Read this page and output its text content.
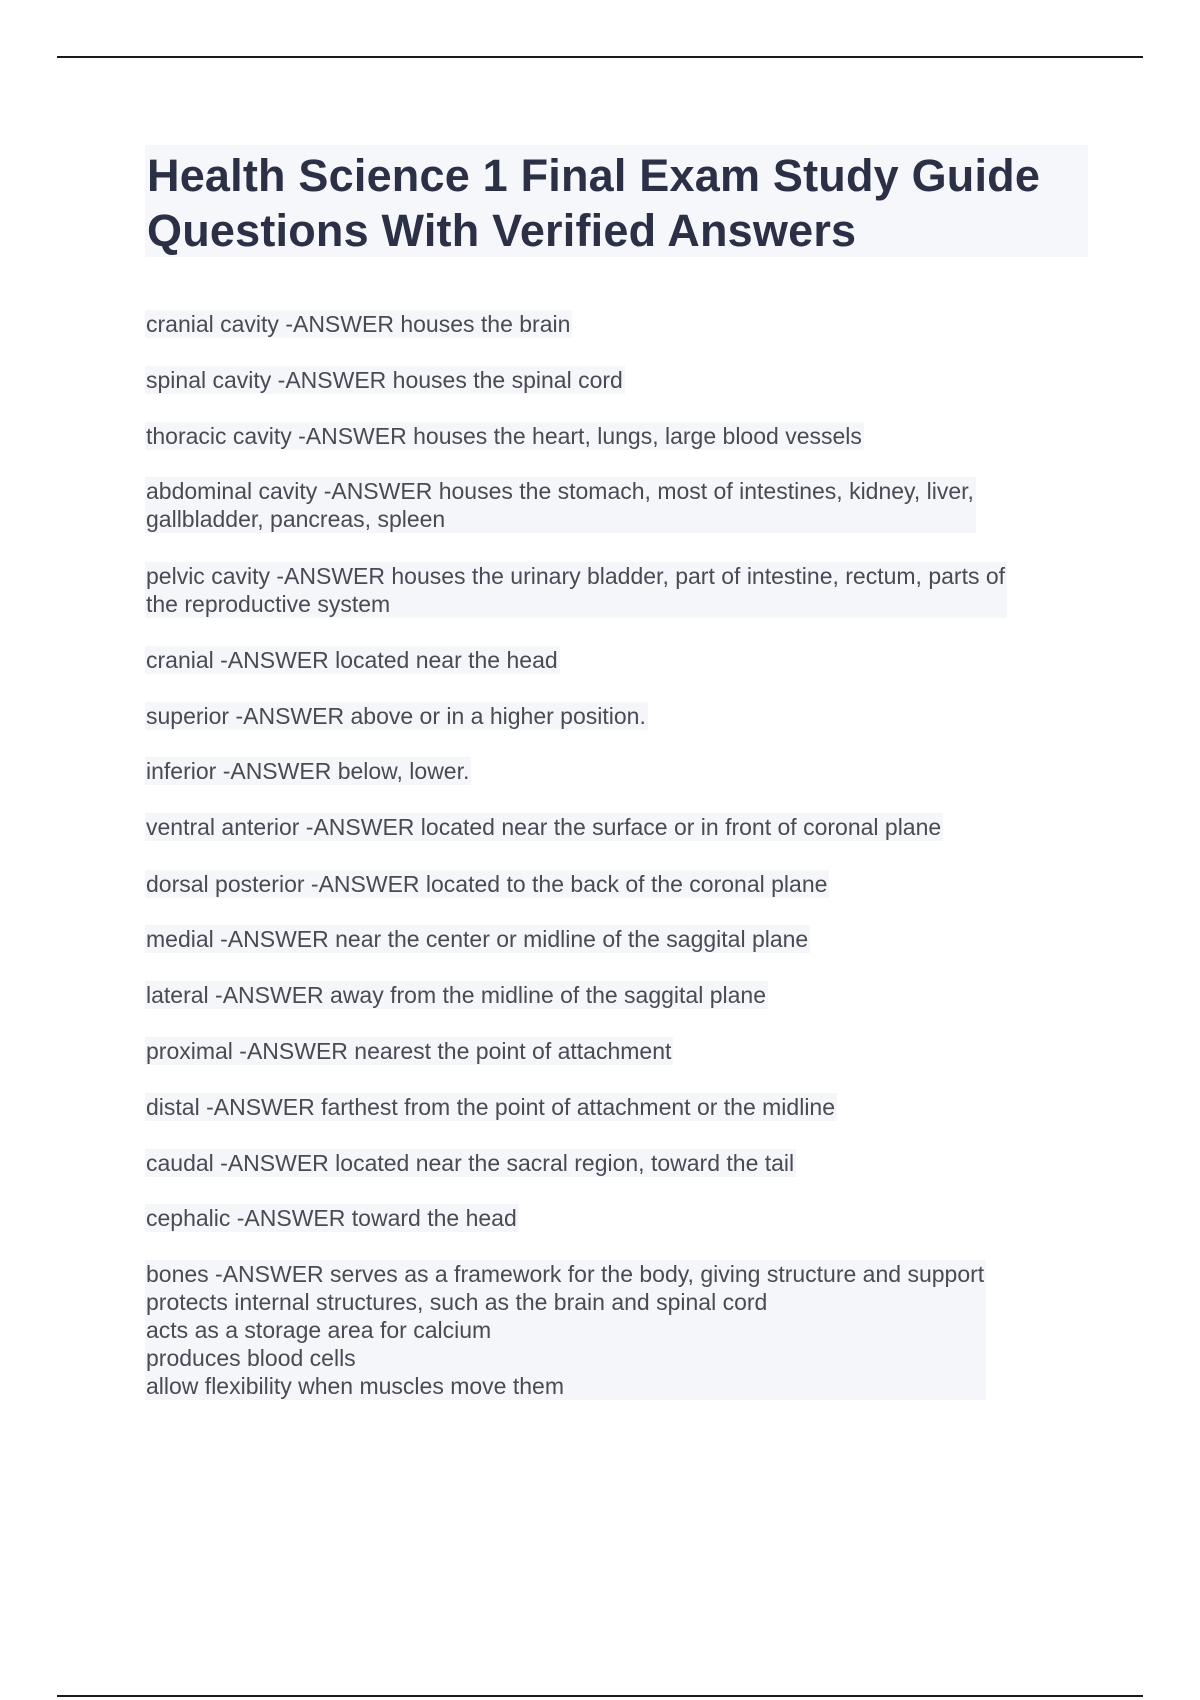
Health Science 1 Final Exam Study Guide Questions With Verified Answers
cranial cavity -ANSWER houses the brain
spinal cavity -ANSWER houses the spinal cord
thoracic cavity -ANSWER houses the heart, lungs, large blood vessels
abdominal cavity -ANSWER houses the stomach, most of intestines, kidney, liver,
gallbladder, pancreas, spleen
pelvic cavity -ANSWER houses the urinary bladder, part of intestine, rectum, parts of
the reproductive system
cranial -ANSWER located near the head
superior -ANSWER above or in a higher position.
inferior -ANSWER below, lower.
ventral anterior -ANSWER located near the surface or in front of coronal plane
dorsal posterior -ANSWER located to the back of the coronal plane
medial -ANSWER near the center or midline of the saggital plane
lateral -ANSWER away from the midline of the saggital plane
proximal -ANSWER nearest the point of attachment
distal -ANSWER farthest from the point of attachment or the midline
caudal -ANSWER located near the sacral region, toward the tail
cephalic -ANSWER toward the head
bones -ANSWER serves as a framework for the body, giving structure and support
protects internal structures, such as the brain and spinal cord
acts as a storage area for calcium
produces blood cells
allow flexibility when muscles move them
